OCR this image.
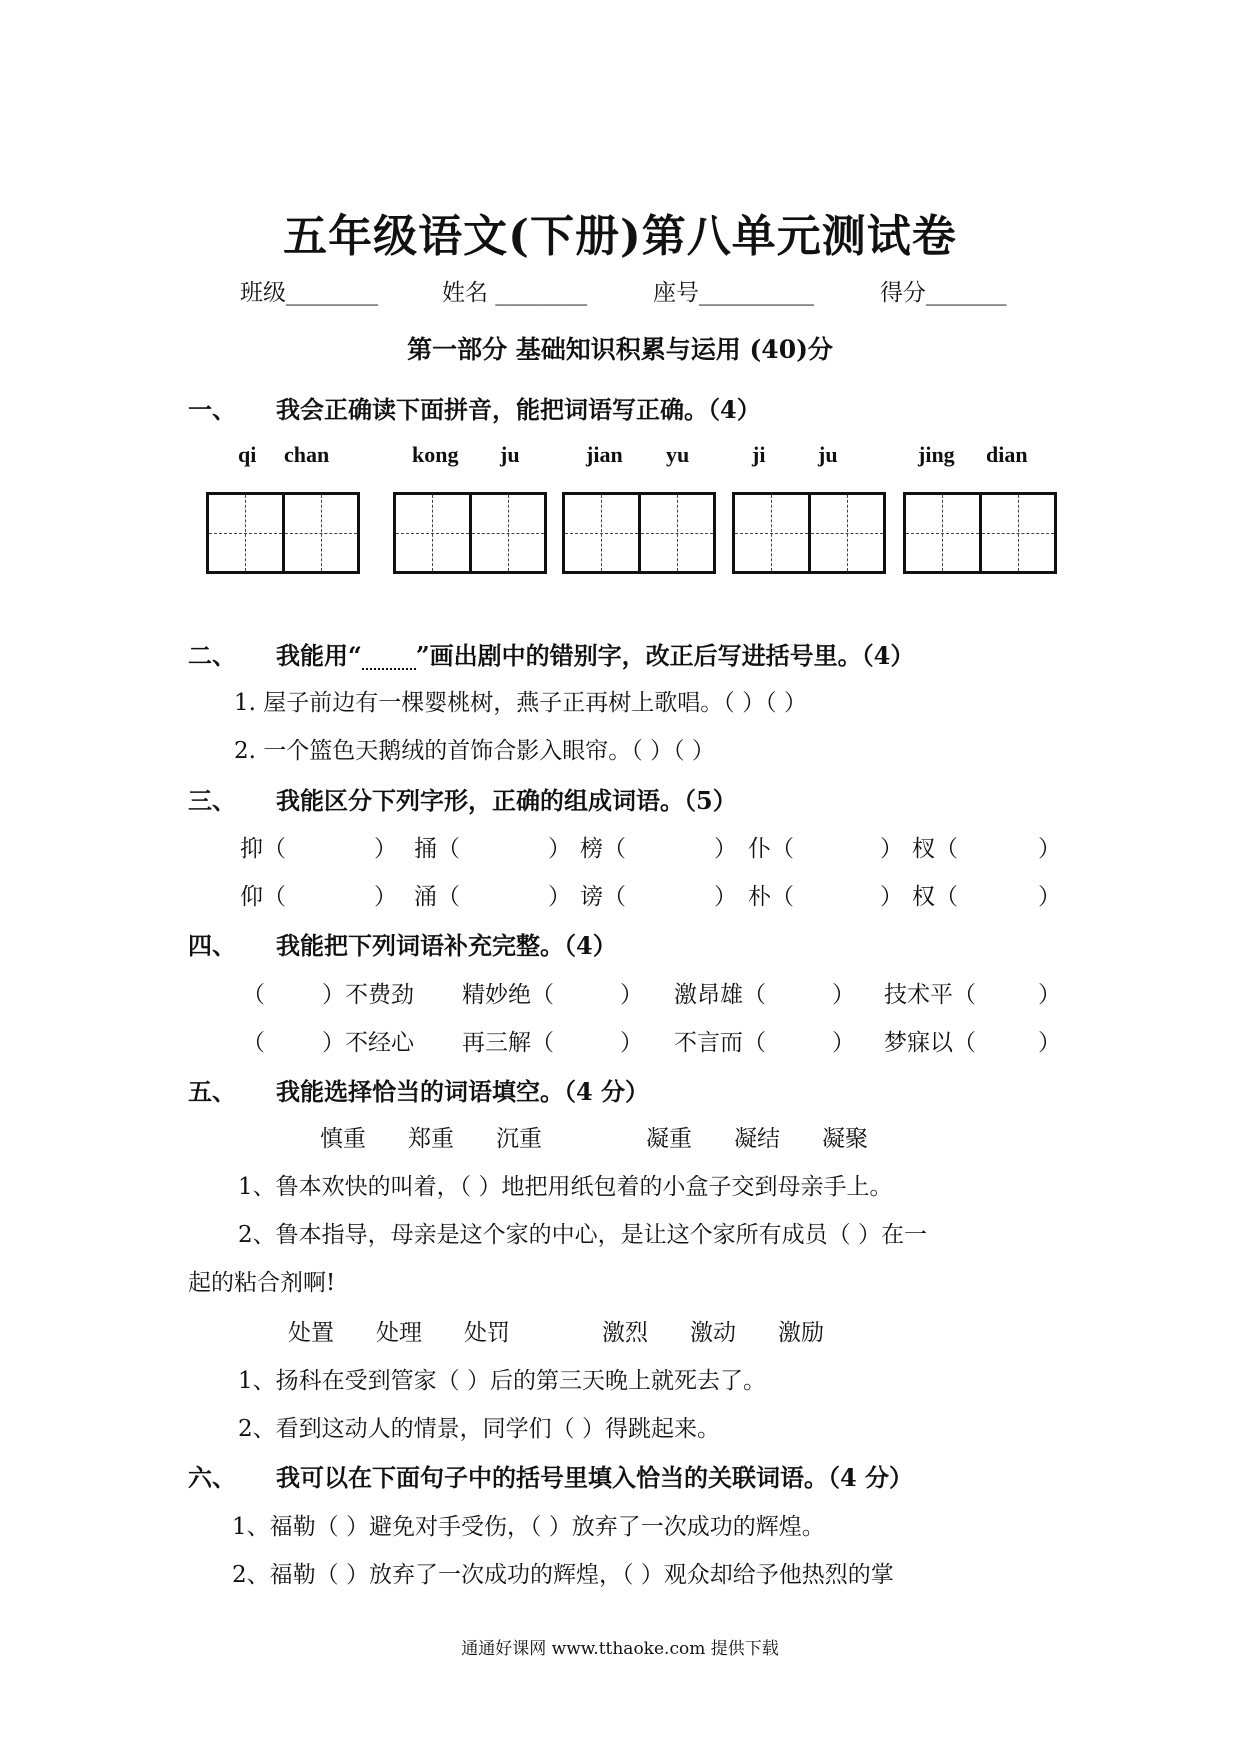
五年级语文(下册)第八单元测试卷
班级________	姓名 ________	座号__________	得分_______
第一部分 基础知识积累与运用 (40)分
一、 我会正确读下面拼音，能把词语写正确。（4）
qi chan	kong ju	jian yu	ji ju	jing dian
二、 我能用“ ”画出剧中的错别字，改正后写进括号里。（4）
1. 屋子前边有一棵婴桃树，燕子正再树上歌唱。（ ）（ ）
2. 一个篮色天鹅绒的首饰合影入眼帘。（ ）（ ）
三、 我能区分下列字形，正确的组成词语。（5）
抑（	） 捅（	） 榜（	） 仆（	） 杈（	）
仰（	） 涌（	） 谤（	） 朴（	） 权（	）
四、 我能把下列词语补充完整。（4）
（ ）不费劲 精妙绝（	） 激昂雄（	） 技术平（	）
（ ）不经心 再三解（	） 不言而（	） 梦寐以（	）
五、 我能选择恰当的词语填空。（4 分）
慎重 郑重 沉重	凝重 凝结 凝聚
1、鲁本欢快的叫着，（ ）地把用纸包着的小盒子交到母亲手上。
2、鲁本指导，母亲是这个家的中心，是让这个家所有成员（ ）在一
起的粘合剂啊!
处置 处理 处罚	激烈 激动 激励
1、扬科在受到管家（ ）后的第三天晚上就死去了。
2、看到这动人的情景，同学们（ ）得跳起来。
六、 我可以在下面句子中的括号里填入恰当的关联词语。（4 分）
1、福勒（ ）避免对手受伤，（ ）放弃了一次成功的辉煌。
2、福勒（ ）放弃了一次成功的辉煌，（ ）观众却给予他热烈的掌
通通好课网 www.tthaoke.com 提供下载
